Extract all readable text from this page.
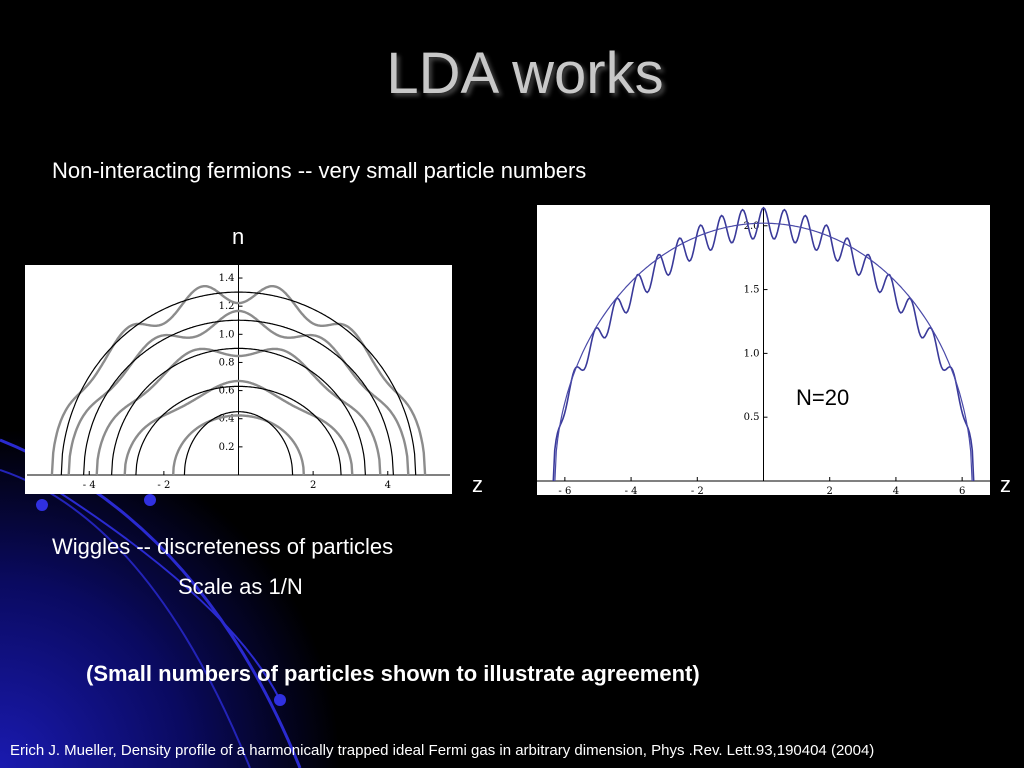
LDA works
Non-interacting fermions -- very small particle numbers
n
- 4	- 2	2	4
0.2
0.4
0.6
0.8
1.0
1.2
1.4
z	- 6	- 4	- 2	2	4	6
0.5
1.0
1.5
2.0
N=20
z
Wiggles -- discreteness of particles
Scale as 1/N
(Small numbers of particles shown to illustrate agreement)
Erich J. Mueller, Density profile of a harmonically trapped ideal Fermi gas in arbitrary dimension, Phys .Rev. Lett.93,190404 (2004)
